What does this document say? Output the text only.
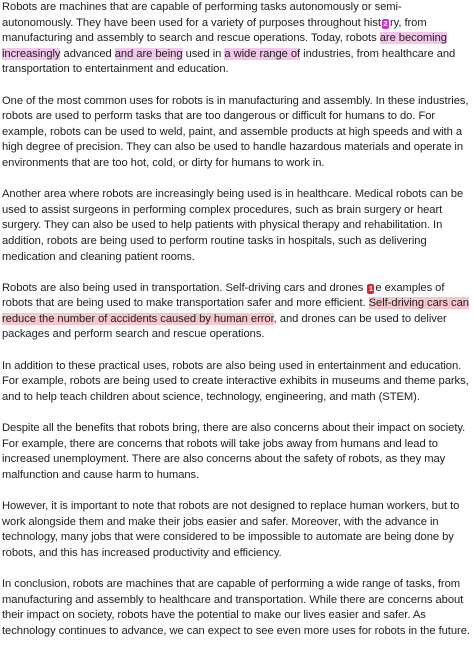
Robots are machines that are capable of performing tasks autonomously or semi-autonomously. They have been used for a variety of purposes throughout hist 2 ry, from manufacturing and assembly to search and rescue operations. Today, robots are becoming increasingly advanced and are being used in a wide range of industries, from healthcare and transportation to entertainment and education.

One of the most common uses for robots is in manufacturing and assembly. In these industries, robots are used to perform tasks that are too dangerous or difficult for humans to do. For example, robots can be used to weld, paint, and assemble products at high speeds and with a high degree of precision. They can also be used to handle hazardous materials and operate in environments that are too hot, cold, or dirty for humans to work in.

Another area where robots are increasingly being used is in healthcare. Medical robots can be used to assist surgeons in performing complex procedures, such as brain surgery or heart surgery. They can also be used to help patients with physical therapy and rehabilitation. In addition, robots are being used to perform routine tasks in hospitals, such as delivering medication and cleaning patient rooms.

Robots are also being used in transportation. Self-driving cars and drones 1 e examples of robots that are being used to make transportation safer and more efficient. Self-driving cars can reduce the number of accidents caused by human error, and drones can be used to deliver packages and perform search and rescue operations.

In addition to these practical uses, robots are also being used in entertainment and education. For example, robots are being used to create interactive exhibits in museums and theme parks, and to help teach children about science, technology, engineering, and math (STEM).

Despite all the benefits that robots bring, there are also concerns about their impact on society. For example, there are concerns that robots will take jobs away from humans and lead to increased unemployment. There are also concerns about the safety of robots, as they may malfunction and cause harm to humans.

However, it is important to note that robots are not designed to replace human workers, but to work alongside them and make their jobs easier and safer. Moreover, with the advance in technology, many jobs that were considered to be impossible to automate are being done by robots, and this has increased productivity and efficiency.

In conclusion, robots are machines that are capable of performing a wide range of tasks, from manufacturing and assembly to healthcare and transportation. While there are concerns about their impact on society, robots have the potential to make our lives easier and safer. As technology continues to advance, we can expect to see even more uses for robots in the future.
